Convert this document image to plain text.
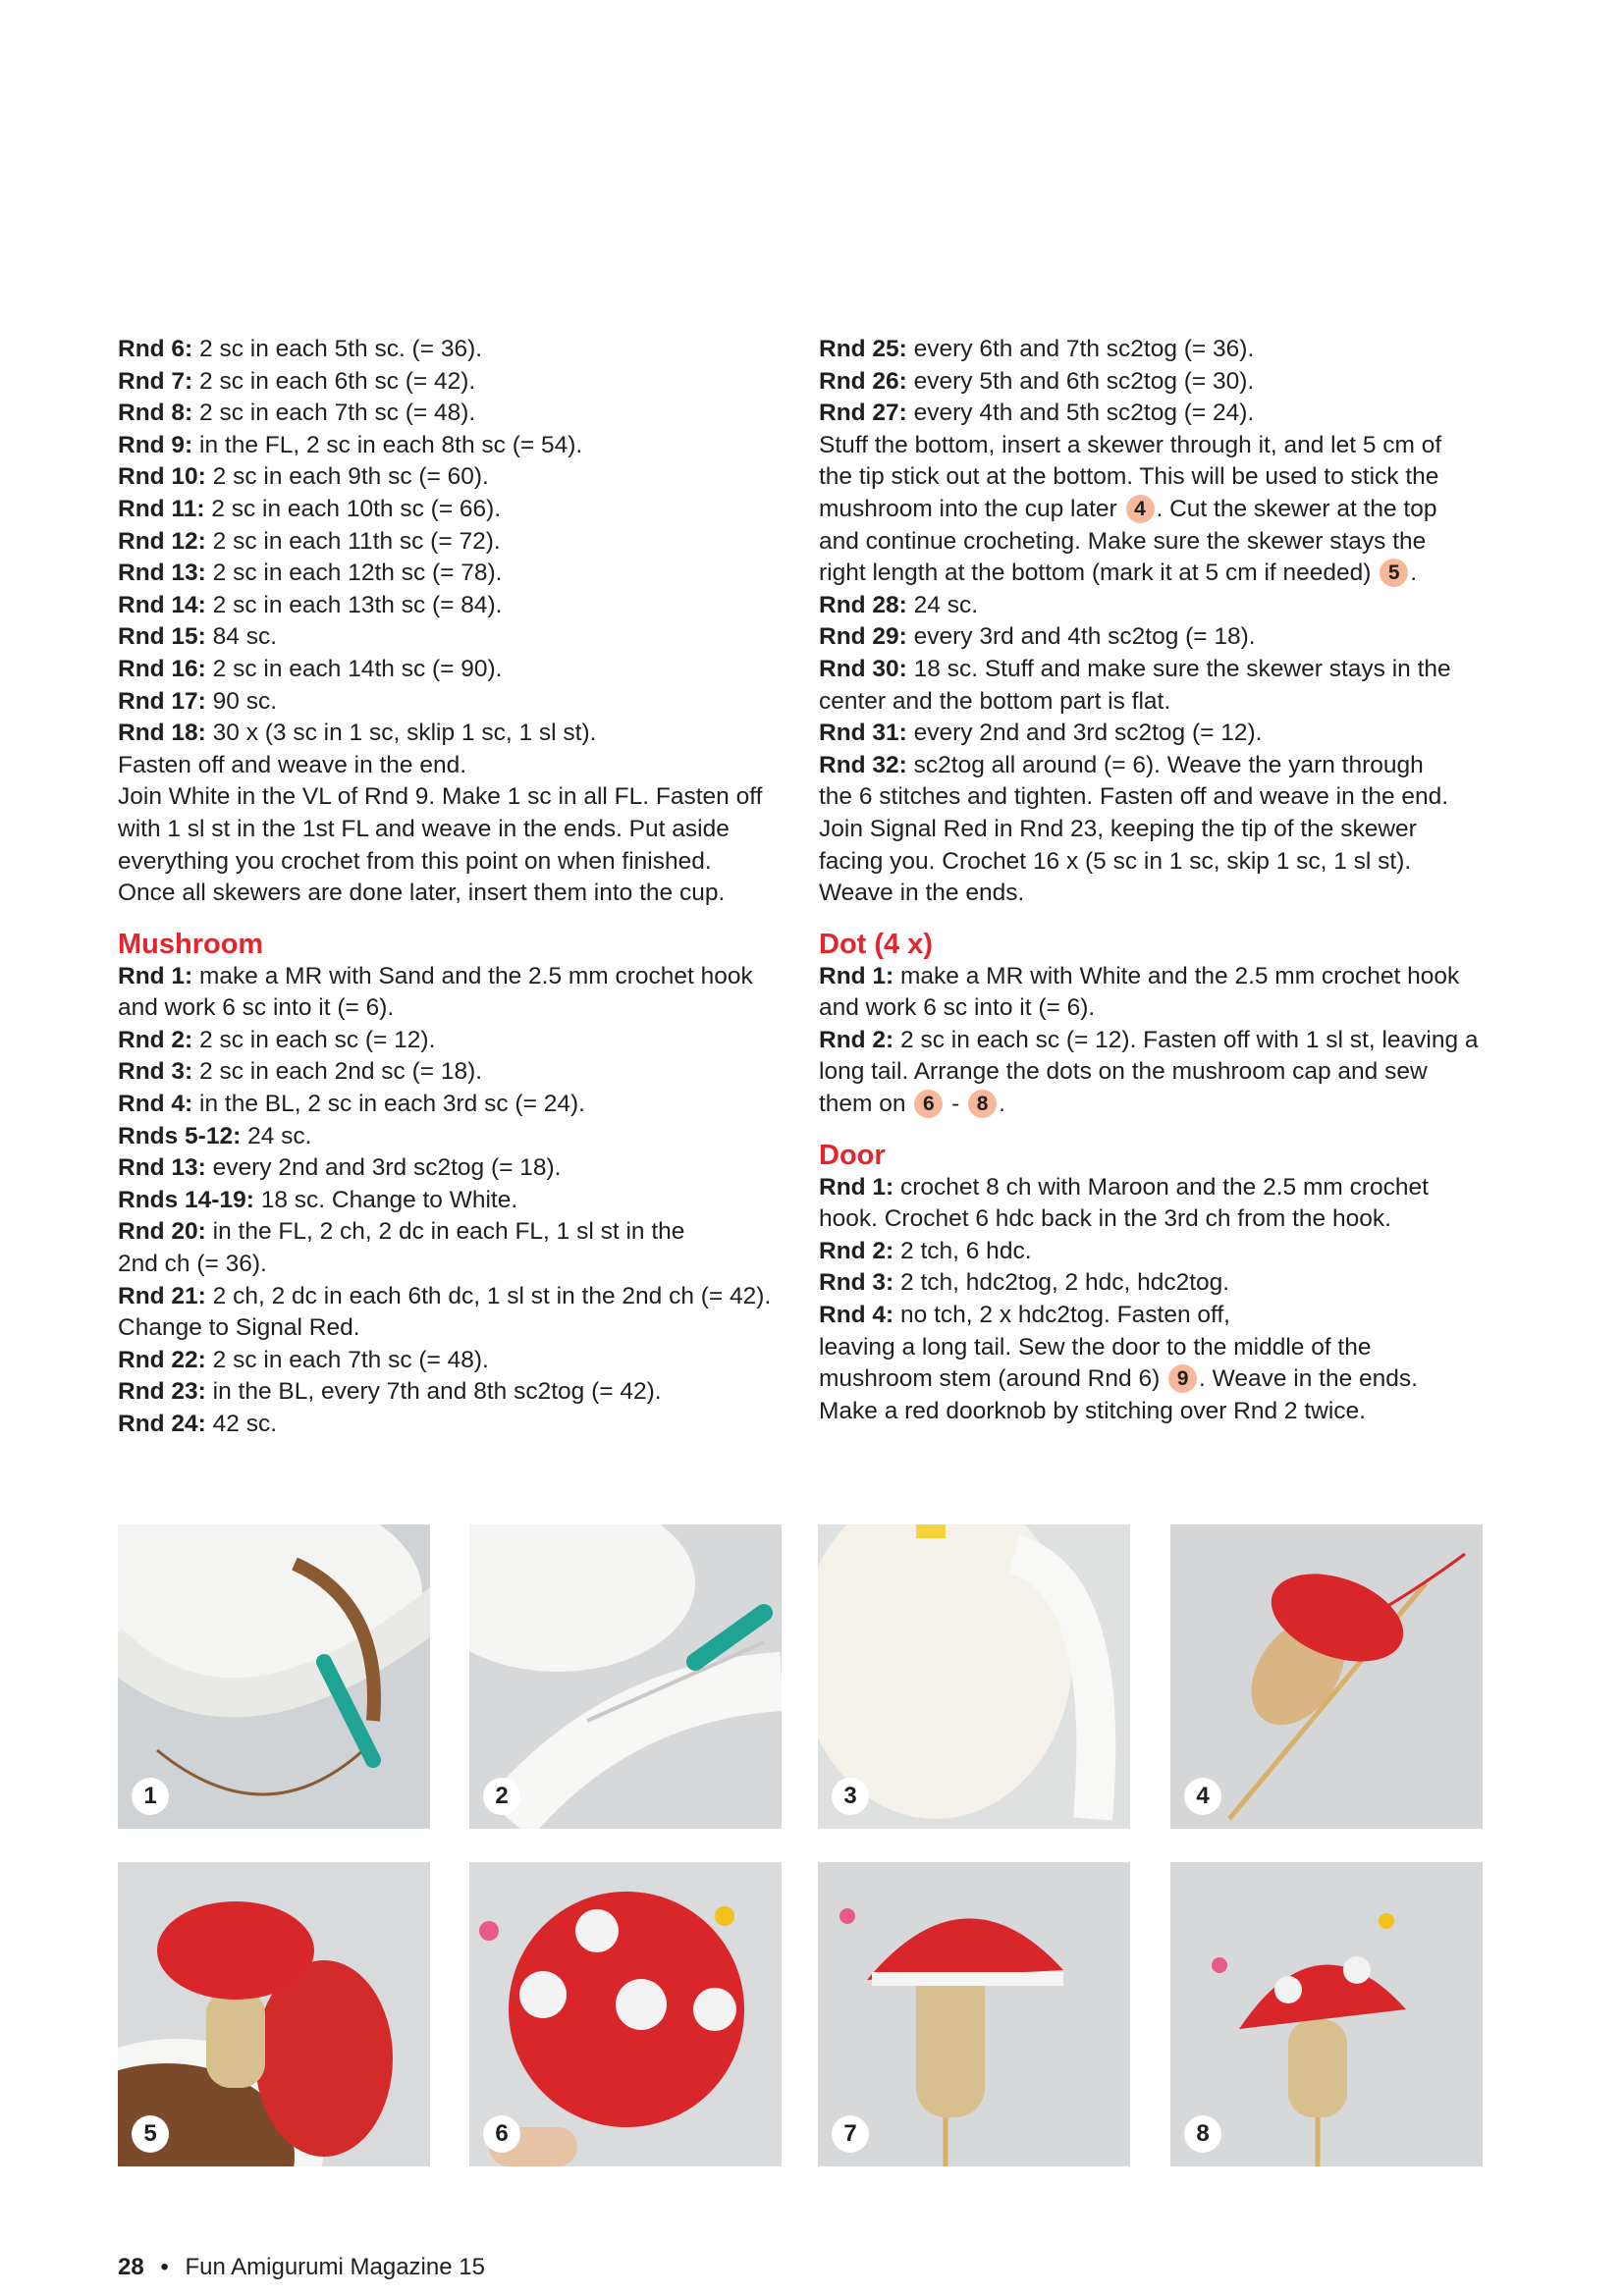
Rnd 6: 2 sc in each 5th sc. (= 36).
Rnd 7: 2 sc in each 6th sc (= 42).
Rnd 8: 2 sc in each 7th sc (= 48).
Rnd 9: in the FL, 2 sc in each 8th sc (= 54).
Rnd 10: 2 sc in each 9th sc (= 60).
Rnd 11: 2 sc in each 10th sc (= 66).
Rnd 12: 2 sc in each 11th sc (= 72).
Rnd 13: 2 sc in each 12th sc (= 78).
Rnd 14: 2 sc in each 13th sc (= 84).
Rnd 15: 84 sc.
Rnd 16: 2 sc in each 14th sc (= 90).
Rnd 17: 90 sc.
Rnd 18: 30 x (3 sc in 1 sc, sklip 1 sc, 1 sl st).
Fasten off and weave in the end.
Join White in the VL of Rnd 9. Make 1 sc in all FL. Fasten off
with 1 sl st in the 1st FL and weave in the ends. Put aside
everything you crochet from this point on when finished.
Once all skewers are done later, insert them into the cup.
Mushroom
Rnd 1: make a MR with Sand and the 2.5 mm crochet hook
and work 6 sc into it (= 6).
Rnd 2: 2 sc in each sc (= 12).
Rnd 3: 2 sc in each 2nd sc (= 18).
Rnd 4: in the BL, 2 sc in each 3rd sc (= 24).
Rnds 5-12: 24 sc.
Rnd 13: every 2nd and 3rd sc2tog (= 18).
Rnds 14-19: 18 sc. Change to White.
Rnd 20: in the FL, 2 ch, 2 dc in each FL, 1 sl st in the
2nd ch (= 36).
Rnd 21: 2 ch, 2 dc in each 6th dc, 1 sl st in the 2nd ch (= 42).
Change to Signal Red.
Rnd 22: 2 sc in each 7th sc (= 48).
Rnd 23: in the BL, every 7th and 8th sc2tog (= 42).
Rnd 24: 42 sc.
Rnd 25: every 6th and 7th sc2tog (= 36).
Rnd 26: every 5th and 6th sc2tog (= 30).
Rnd 27: every 4th and 5th sc2tog (= 24).
Stuff the bottom, insert a skewer through it, and let 5 cm of
the tip stick out at the bottom. This will be used to stick the
mushroom into the cup later 4 . Cut the skewer at the top
and continue crocheting. Make sure the skewer stays the
right length at the bottom (mark it at 5 cm if needed) 5 .
Rnd 28: 24 sc.
Rnd 29: every 3rd and 4th sc2tog (= 18).
Rnd 30: 18 sc. Stuff and make sure the skewer stays in the
center and the bottom part is flat.
Rnd 31: every 2nd and 3rd sc2tog (= 12).
Rnd 32: sc2tog all around (= 6). Weave the yarn through
the 6 stitches and tighten. Fasten off and weave in the end.
Join Signal Red in Rnd 23, keeping the tip of the skewer
facing you. Crochet 16 x (5 sc in 1 sc, skip 1 sc, 1 sl st).
Weave in the ends.
Dot (4 x)
Rnd 1: make a MR with White and the 2.5 mm crochet hook
and work 6 sc into it (= 6).
Rnd 2: 2 sc in each sc (= 12). Fasten off with 1 sl st, leaving a
long tail. Arrange the dots on the mushroom cap and sew
them on 6 - 8 .
Door
Rnd 1: crochet 8 ch with Maroon and the 2.5 mm crochet
hook. Crochet 6 hdc back in the 3rd ch from the hook.
Rnd 2: 2 tch, 6 hdc.
Rnd 3: 2 tch, hdc2tog, 2 hdc, hdc2tog.
Rnd 4: no tch, 2 x hdc2tog. Fasten off,
leaving a long tail. Sew the door to the middle of the
mushroom stem (around Rnd 6) 9 . Weave in the ends.
Make a red doorknob by stitching over Rnd 2 twice.
1	2	3	4
5	6	7	8
28 • Fun Amigurumi Magazine 15
